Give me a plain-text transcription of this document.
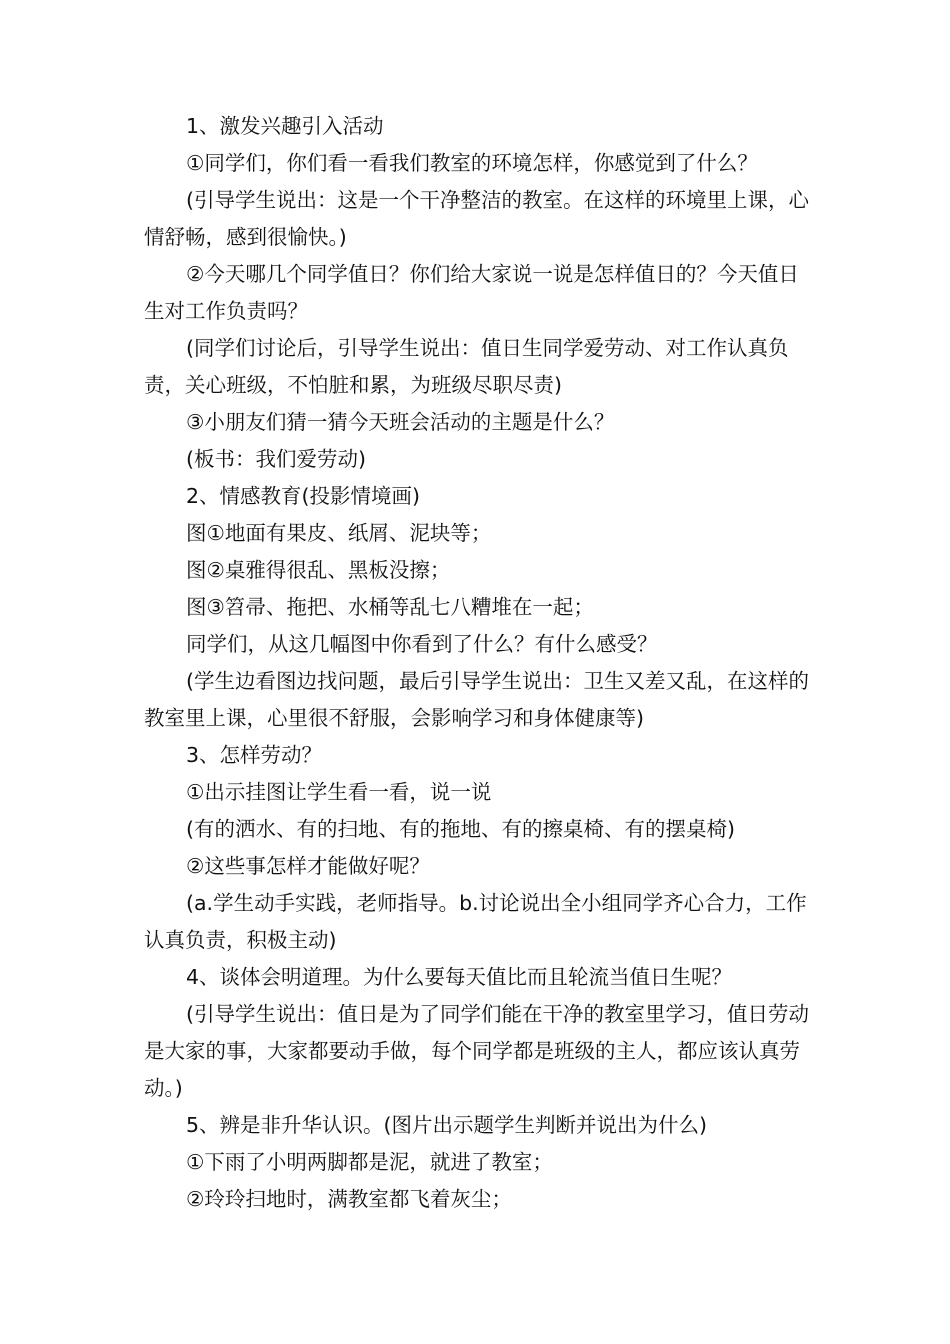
1、激发兴趣引入活动

①同学们，你们看一看我们教室的环境怎样，你感觉到了什么？

(引导学生说出：这是一个干净整洁的教室。在这样的环境里上课，心情舒畅，感到很愉快。)

②今天哪几个同学值日？你们给大家说一说是怎样值日的？今天值日生对工作负责吗？

(同学们讨论后，引导学生说出：值日生同学爱劳动、对工作认真负责，关心班级，不怕脏和累，为班级尽职尽责)

③小朋友们猜一猜今天班会活动的主题是什么？

(板书：我们爱劳动)

2、情感教育(投影情境画)

图①地面有果皮、纸屑、泥块等；

图②桌雅得很乱、黑板没擦；

图③笤帚、拖把、水桶等乱七八糟堆在一起；

同学们，从这几幅图中你看到了什么？有什么感受？

(学生边看图边找问题，最后引导学生说出：卫生又差又乱，在这样的教室里上课，心里很不舒服，会影响学习和身体健康等)

3、怎样劳动？

①出示挂图让学生看一看，说一说

(有的洒水、有的扫地、有的拖地、有的擦桌椅、有的摆桌椅)

②这些事怎样才能做好呢？

(a.学生动手实践，老师指导。b.讨论说出全小组同学齐心合力，工作认真负责，积极主动)

4、谈体会明道理。为什么要每天值比而且轮流当值日生呢？

(引导学生说出：值日是为了同学们能在干净的教室里学习，值日劳动是大家的事，大家都要动手做，每个同学都是班级的主人，都应该认真劳动。)

5、辨是非升华认识。(图片出示题学生判断并说出为什么)

①下雨了小明两脚都是泥，就进了教室；

②玲玲扫地时，满教室都飞着灰尘；
